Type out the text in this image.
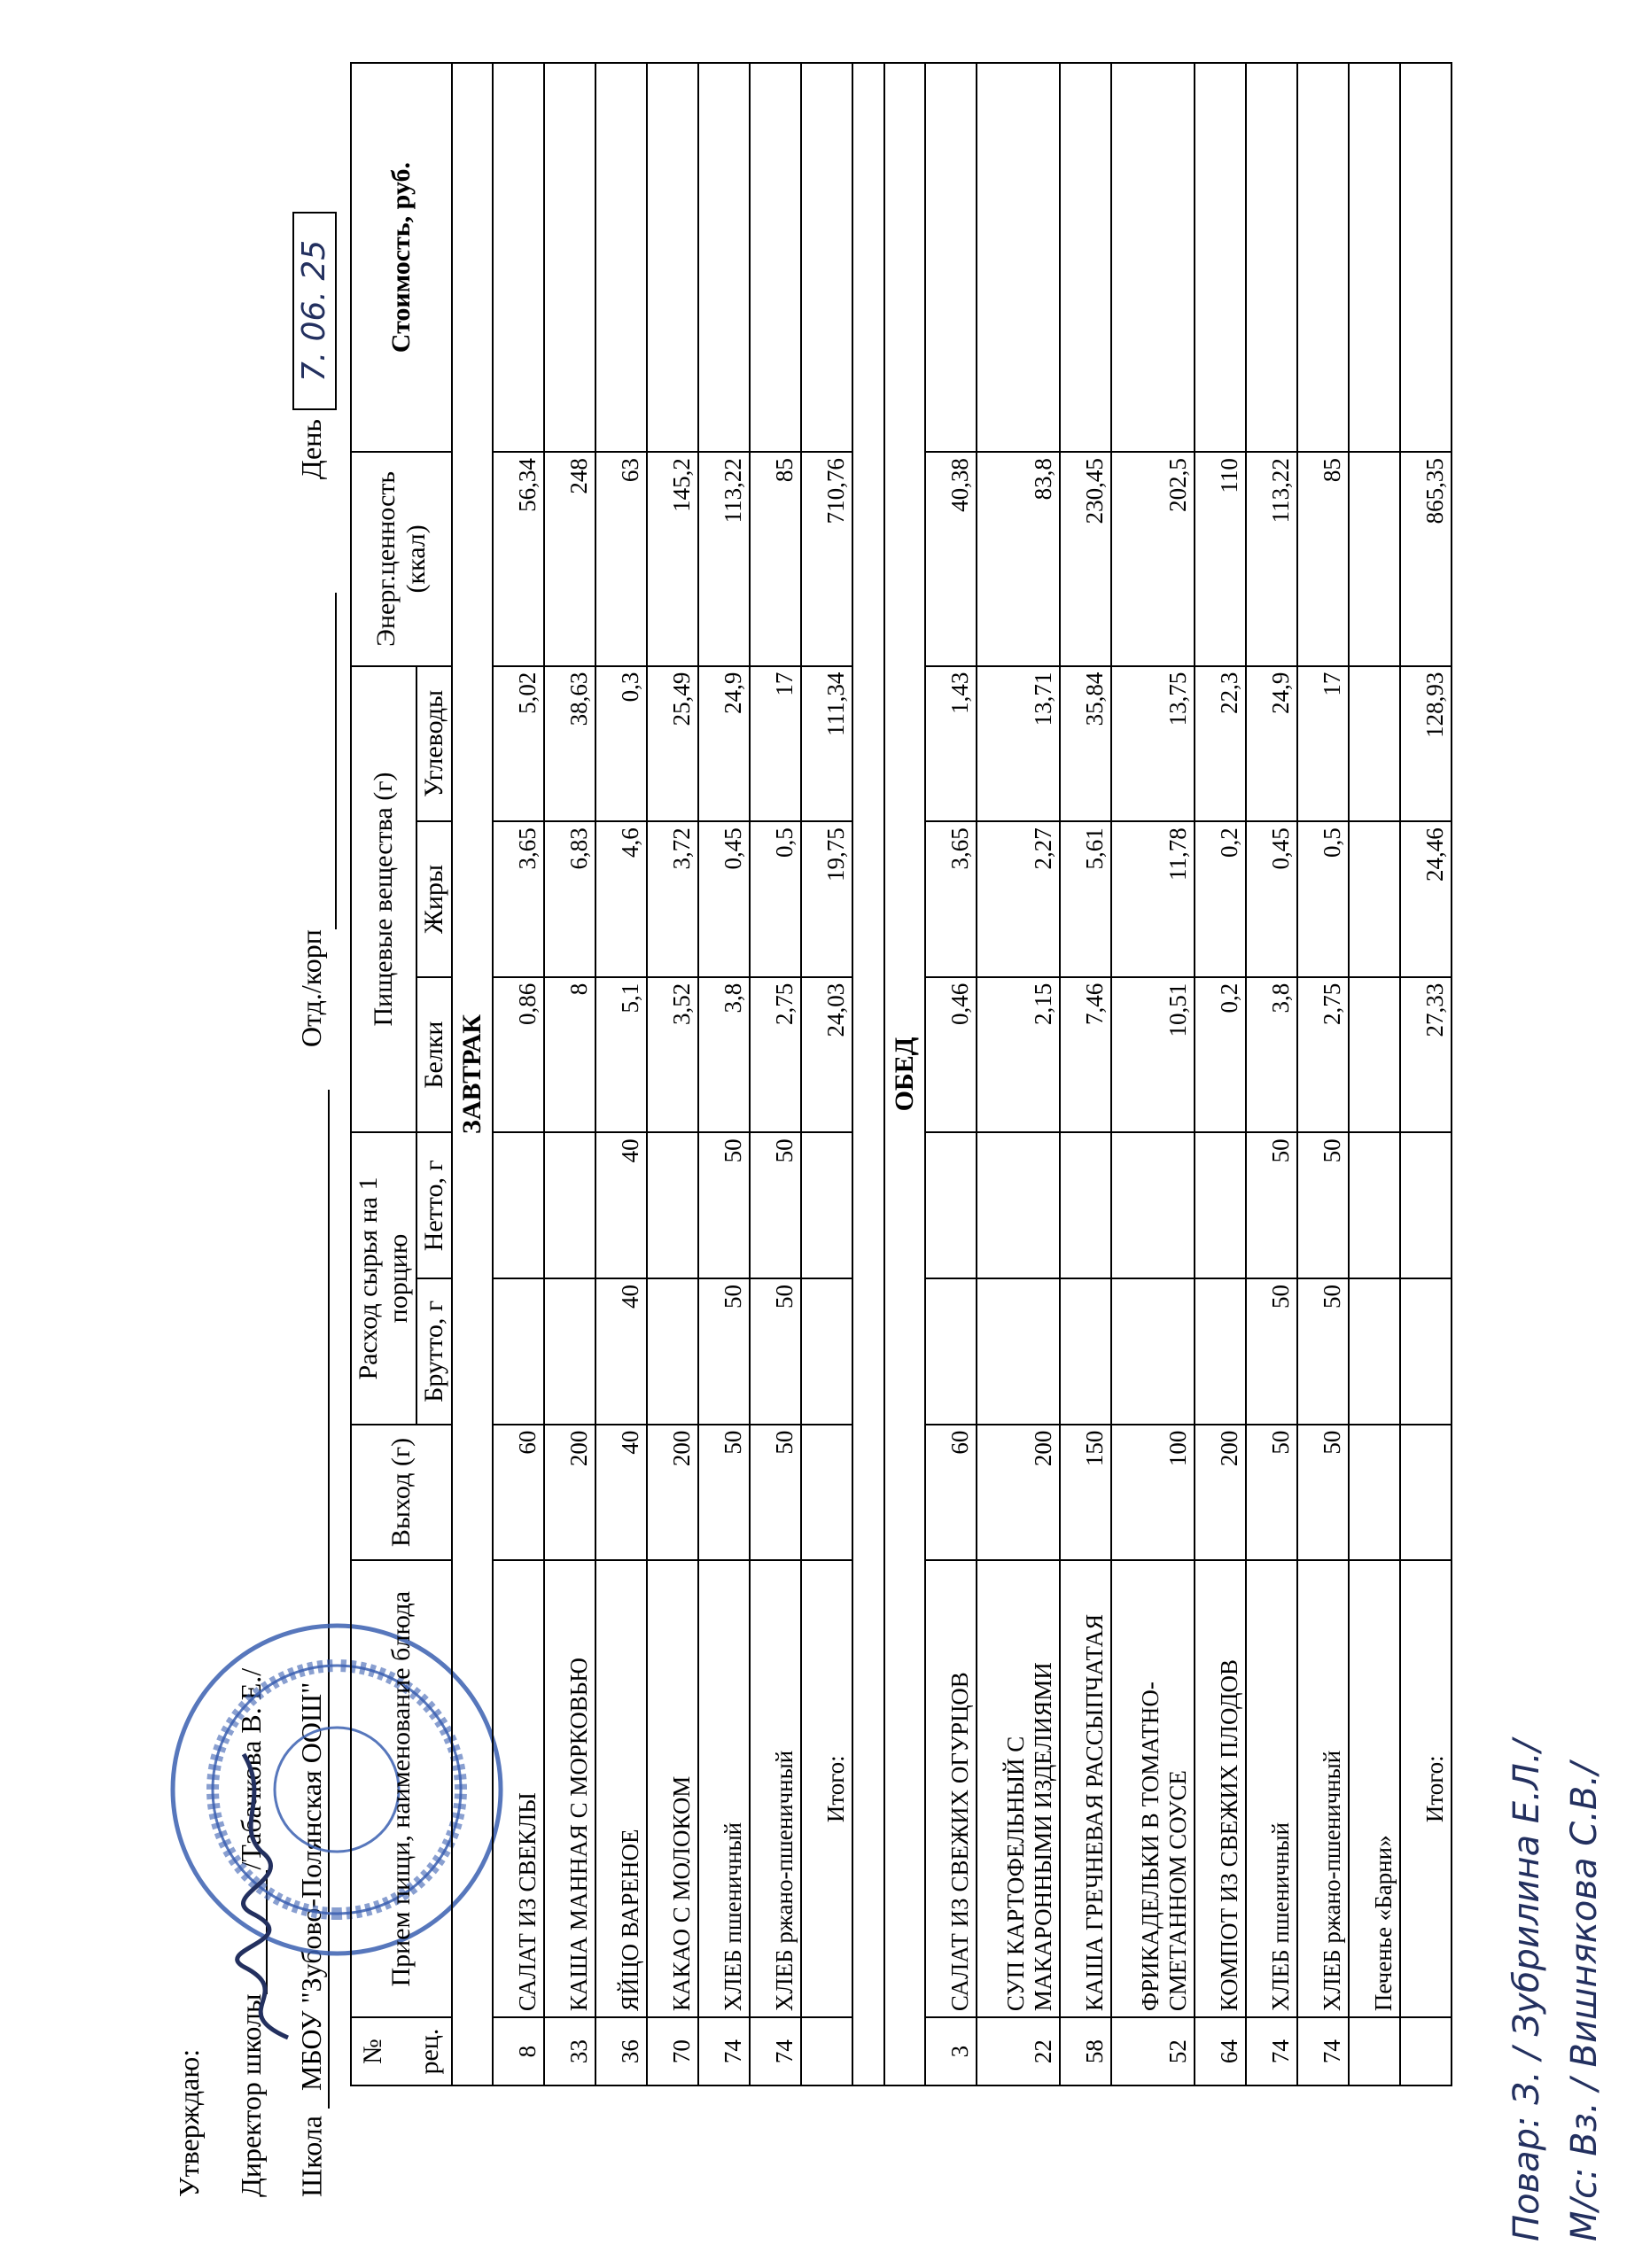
Утверждаю: Директор школы/Табачкова В. Е./
Школа МБОУ "Зубово-Полянская ООШ" Отд./корп День7. 06. 25
№ рец.	Прием пищи, наименование блюда	Выход (г)	Расход сырья на 1 порцию		Пищевые вещества (г)			Энерг.ценность (ккал)	Стоимость, руб.
			Брутто, г	Нетто, г	Белки	Жиры	Углеводы		
ЗАВТРАК									
8	САЛАТ ИЗ СВЕКЛЫ	60			0,86	3,65	5,02	56,34	
33	КАША МАННАЯ С МОРКОВЬЮ	200			8	6,83	38,63	248	
36	ЯЙЦО ВАРЕНОЕ	40	40	40	5,1	4,6	0,3	63	
70	КАКАО С МОЛОКОМ	200			3,52	3,72	25,49	145,2	
74	ХЛЕБ пшеничный	50	50	50	3,8	0,45	24,9	113,22	
74	ХЛЕБ ржано-пшеничный	50	50	50	2,75	0,5	17	85	
	Итого:				24,03	19,75	111,34	710,76	

ОБЕД									
3	САЛАТ ИЗ СВЕЖИХ ОГУРЦОВ	60			0,46	3,65	1,43	40,38	
22	СУП КАРТОФЕЛЬНЫЙ С МАКАРОННЫМИ ИЗДЕЛИЯМИ	200			2,15	2,27	13,71	83,8	
58	КАША ГРЕЧНЕВАЯ РАССЫПЧАТАЯ	150			7,46	5,61	35,84	230,45	
52	ФРИКАДЕЛЬКИ В ТОМАТНО-СМЕТАННОМ СОУСЕ	100			10,51	11,78	13,75	202,5	
64	КОМПОТ ИЗ СВЕЖИХ ПЛОДОВ	200			0,2	0,2	22,3	110	
74	ХЛЕБ пшеничный	50	50	50	3,8	0,45	24,9	113,22	
74	ХЛЕБ ржано-пшеничный	50	50	50	2,75	0,5	17	85	
	Печенье «Барни»								
	Итого:				27,33	24,46	128,93	865,35	
Повар: З. / Зубрилина Е.Л./ М/с: Вз. / Вишнякова С.В./
